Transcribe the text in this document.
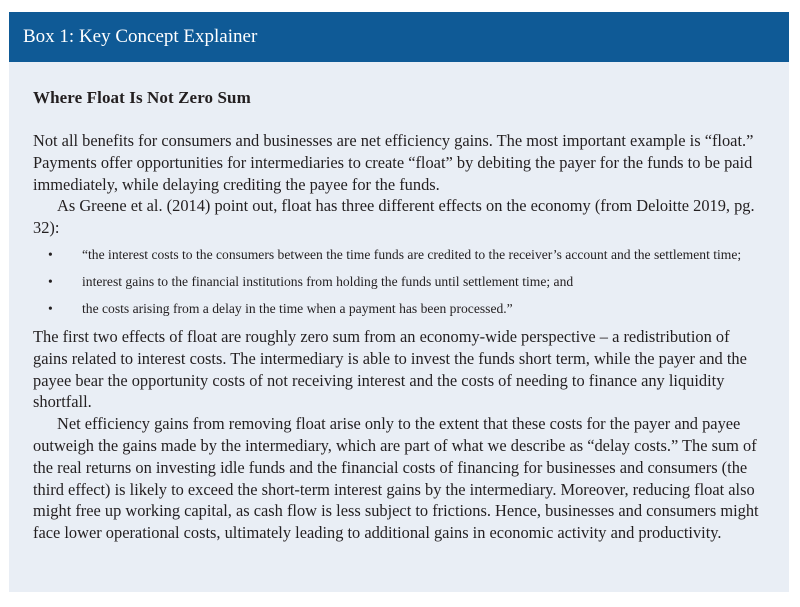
Box 1: Key Concept Explainer
Where Float Is Not Zero Sum

Not all benefits for consumers and businesses are net efficiency gains. The most important example is “float.” Payments offer opportunities for intermediaries to create “float” by debiting the payer for the funds to be paid immediately, while delaying crediting the payee for the funds.

As Greene et al. (2014) point out, float has three different effects on the economy (from Deloitte 2019, pg. 32):

• “the interest costs to the consumers between the time funds are credited to the receiver’s account and the settlement time;
• interest gains to the financial institutions from holding the funds until settlement time; and
• the costs arising from a delay in the time when a payment has been processed.”

The first two effects of float are roughly zero sum from an economy-wide perspective – a redistribution of gains related to interest costs. The intermediary is able to invest the funds short term, while the payer and the payee bear the opportunity costs of not receiving interest and the costs of needing to finance any liquidity shortfall.

Net efficiency gains from removing float arise only to the extent that these costs for the payer and payee outweigh the gains made by the intermediary, which are part of what we describe as “delay costs.” The sum of the real returns on investing idle funds and the financial costs of financing for businesses and consumers (the third effect) is likely to exceed the short-term interest gains by the intermediary. Moreover, reducing float also might free up working capital, as cash flow is less subject to frictions. Hence, businesses and consumers might face lower operational costs, ultimately leading to additional gains in economic activity and productivity.
